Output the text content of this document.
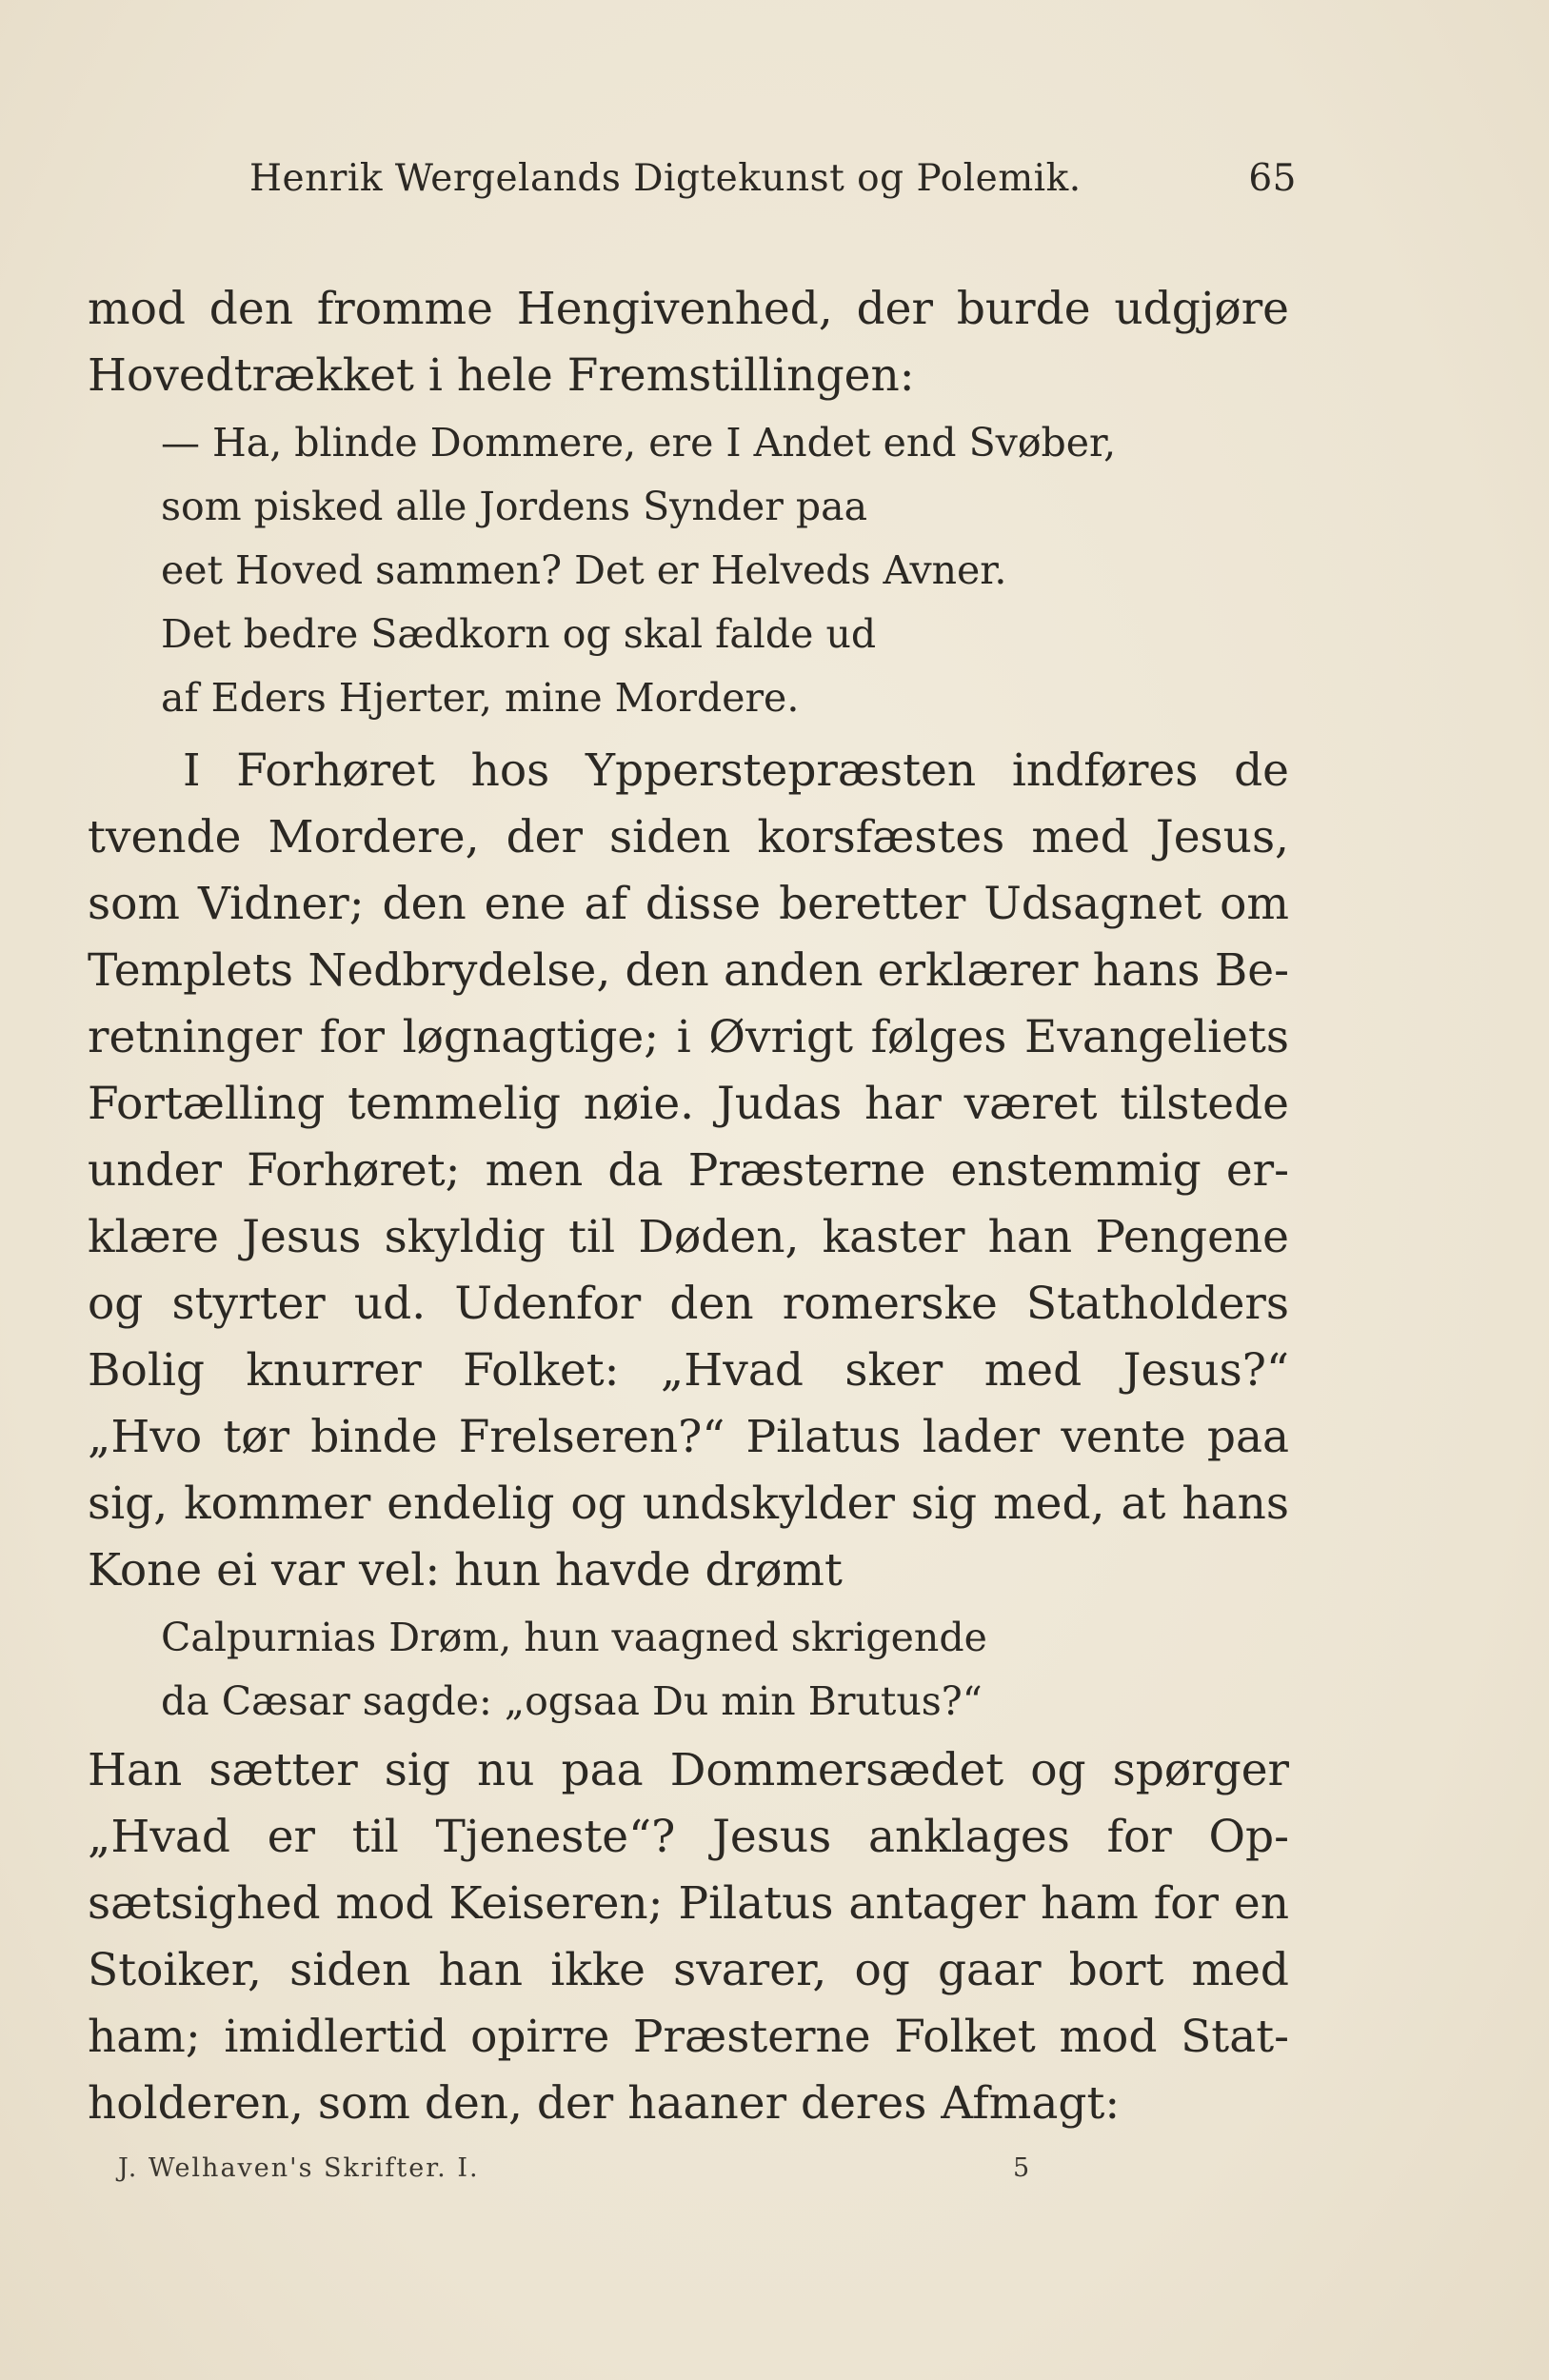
Henrik Wergelands Digtekunst og Polemik.	65
mod den fromme Hengivenhed, der burde udgjøre
Hovedtrækket i hele Fremstillingen:
— Ha, blinde Dommere, ere I Andet end Svøber,
som pisked alle Jordens Synder paa
eet Hoved sammen? Det er Helveds Avner.
Det bedre Sædkorn og skal falde ud
af Eders Hjerter, mine Mordere.
I Forhøret hos Ypperstepræsten indføres de
tvende Mordere, der siden korsfæstes med Jesus,
som Vidner; den ene af disse beretter Udsagnet om
Templets Nedbrydelse, den anden erklærer hans Be-
retninger for løgnagtige; i Øvrigt følges Evangeliets
Fortælling temmelig nøie. Judas har været tilstede
under Forhøret; men da Præsterne enstemmig er-
klære Jesus skyldig til Døden, kaster han Pengene
og styrter ud. Udenfor den romerske Statholders
Bolig knurrer Folket: „Hvad sker med Jesus?“
„Hvo tør binde Frelseren?“ Pilatus lader vente paa
sig, kommer endelig og undskylder sig med, at hans
Kone ei var vel: hun havde drømt
Calpurnias Drøm, hun vaagned skrigende
da Cæsar sagde: „ogsaa Du min Brutus?“
Han sætter sig nu paa Dommersædet og spørger
„Hvad er til Tjeneste“? Jesus anklages for Op-
sætsighed mod Keiseren; Pilatus antager ham for en
Stoiker, siden han ikke svarer, og gaar bort med
ham; imidlertid opirre Præsterne Folket mod Stat-
holderen, som den, der haaner deres Afmagt:
J. Welhaven's Skrifter. I.	5
